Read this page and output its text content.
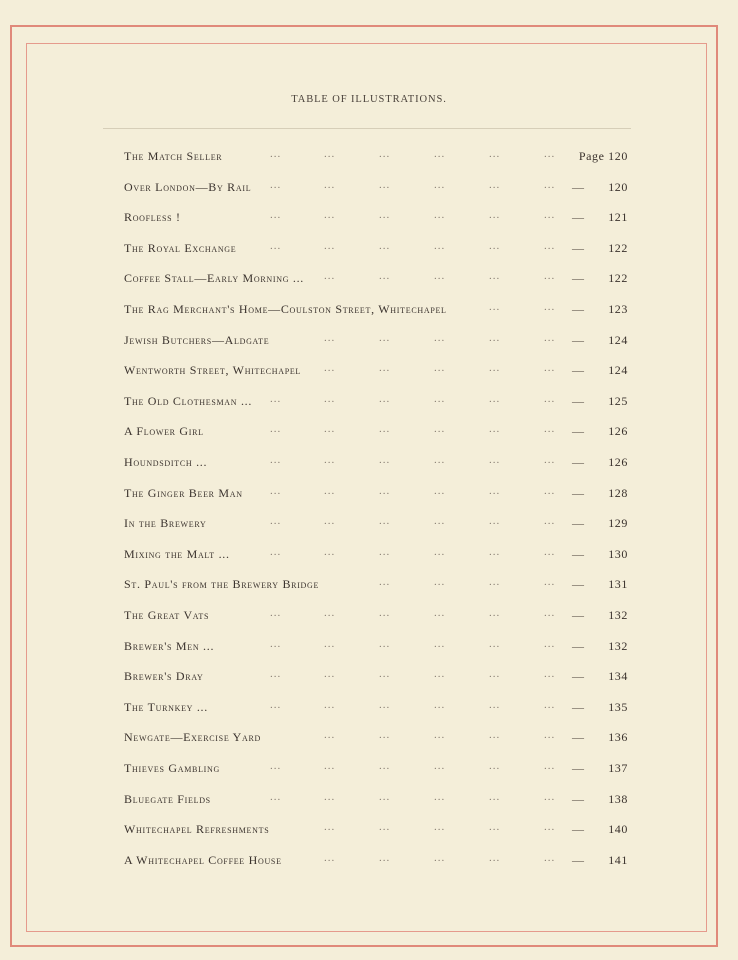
TABLE OF ILLUSTRATIONS.
The Match Seller	...	...	...	...	...	... Page 120
Over London—By Rail ...	...	...	...	...	... — 120
Roofless !	...	...	...	...	...	... — 121
The Royal Exchange	...	...	...	...	...	... — 122
Coffee Stall—Early Morning ... ...	...	...	...	... — 122
The Rag Merchant's Home—Coulston Street, Whitechapel	...	... — 123
Jewish Butchers—Aldgate	...	...	...	...	... — 124
Wentworth Street, Whitechapel ...	...	...	...	... — 124
The Old Clothesman ... ...	...	...	...	...	... — 125
A Flower Girl	...	...	...	...	...	... — 126
Houndsditch ...	...	...	...	...	...	... — 126
The Ginger Beer Man ...	...	...	...	...	... — 128
In the Brewery	...	...	...	...	...	... — 129
Mixing the Malt ...	...	...	...	...	...	... — 130
St. Paul's from the Brewery Bridge	...	...	...	... — 131
The Great Vats	...	...	...	...	...	... — 132
Brewer's Men ...	...	...	...	...	...	... — 132
Brewer's Dray	...	...	...	...	...	... — 134
The Turnkey ...	...	...	...	...	...	... — 135
Newgate—Exercise Yard	...	...	...	...	... — 136
Thieves Gambling	...	...	...	...	...	... — 137
Bluegate Fields	...	...	...	...	...	... — 138
Whitechapel Refreshments	...	...	...	...	... — 140
A Whitechapel Coffee House	...	...	...	...	... — 141
